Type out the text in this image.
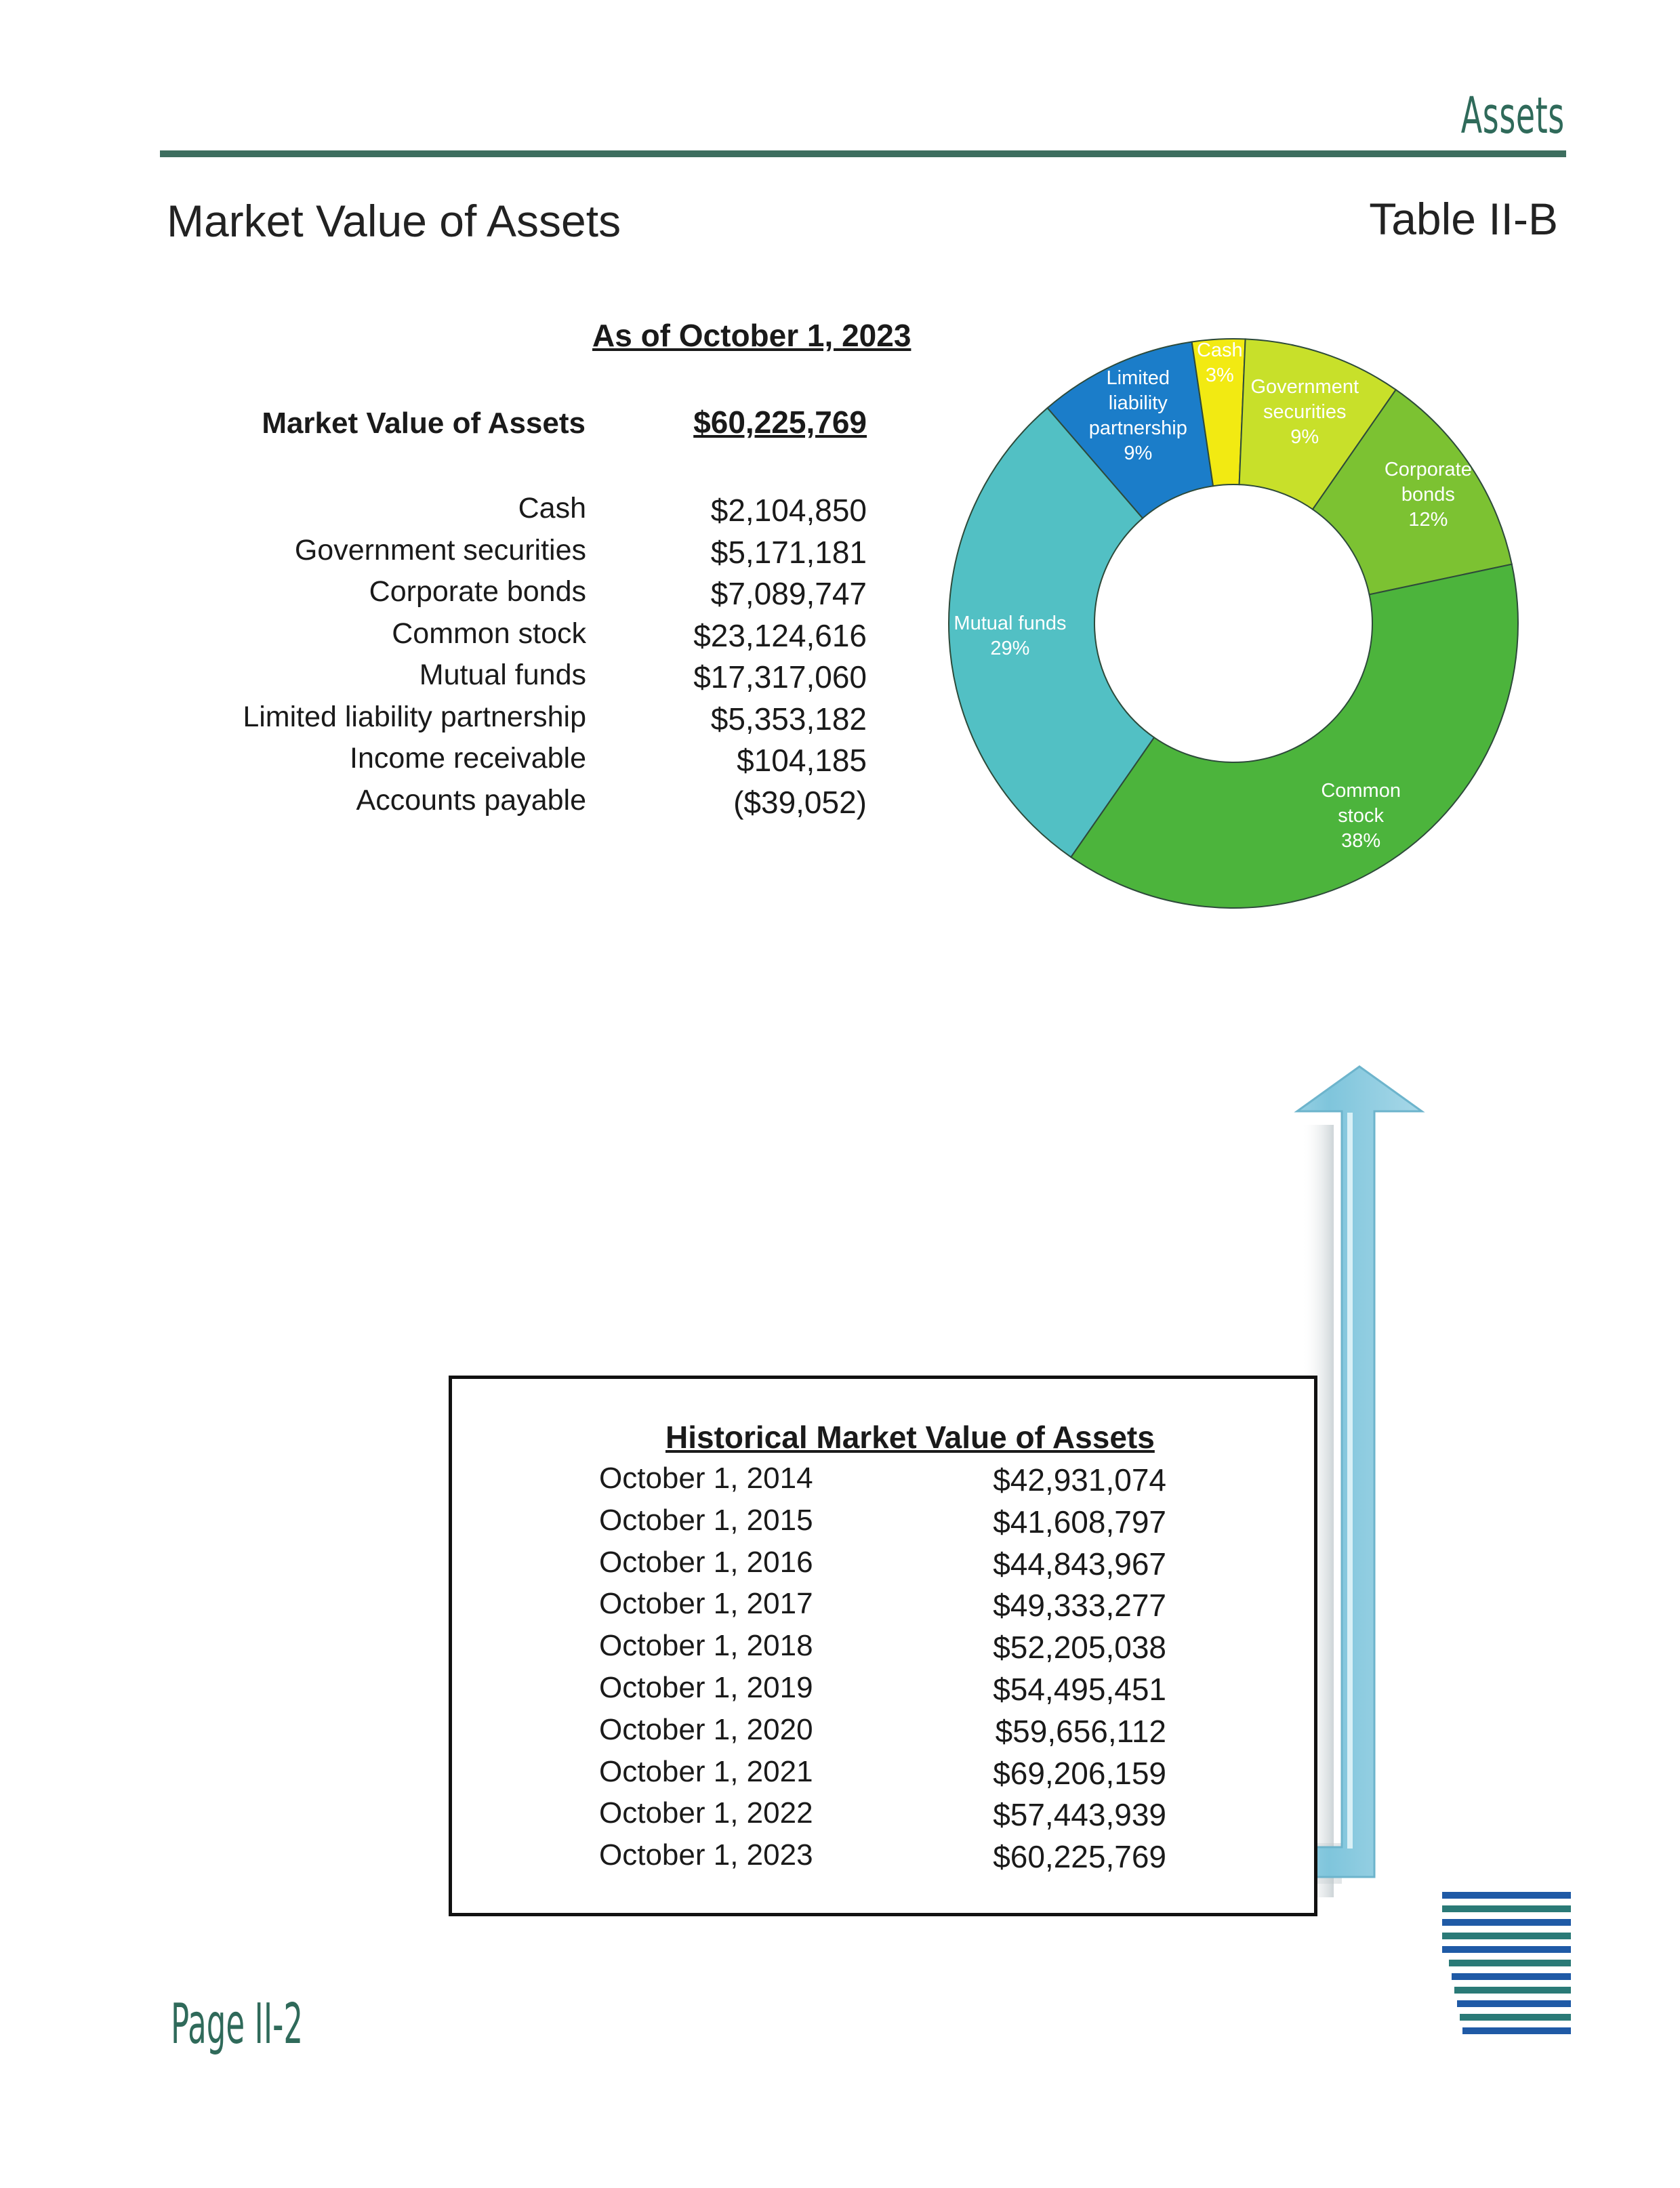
Assets
Market Value of Assets	Table II-B
As of October 1, 2023
Market Value of Assets	$60,225,769
Cash	$2,104,850
Government securities	$5,171,181
Corporate bonds	$7,089,747
Common stock	$23,124,616
Mutual funds	$17,317,060
Limited liability partnership	$5,353,182
Income receivable	$104,185
Accounts payable	($39,052)
Limited liability partnership 9%
Cash 3%
Government securities 9%
Corporate bonds 12%
Common stock 38%
Mutual funds 29%
Historical Market Value of Assets
October 1, 2014	$42,931,074
October 1, 2015	$41,608,797
October 1, 2016	$44,843,967
October 1, 2017	$49,333,277
October 1, 2018	$52,205,038
October 1, 2019	$54,495,451
October 1, 2020	$59,656,112
October 1, 2021	$69,206,159
October 1, 2022	$57,443,939
October 1, 2023	$60,225,769
Page II-2
